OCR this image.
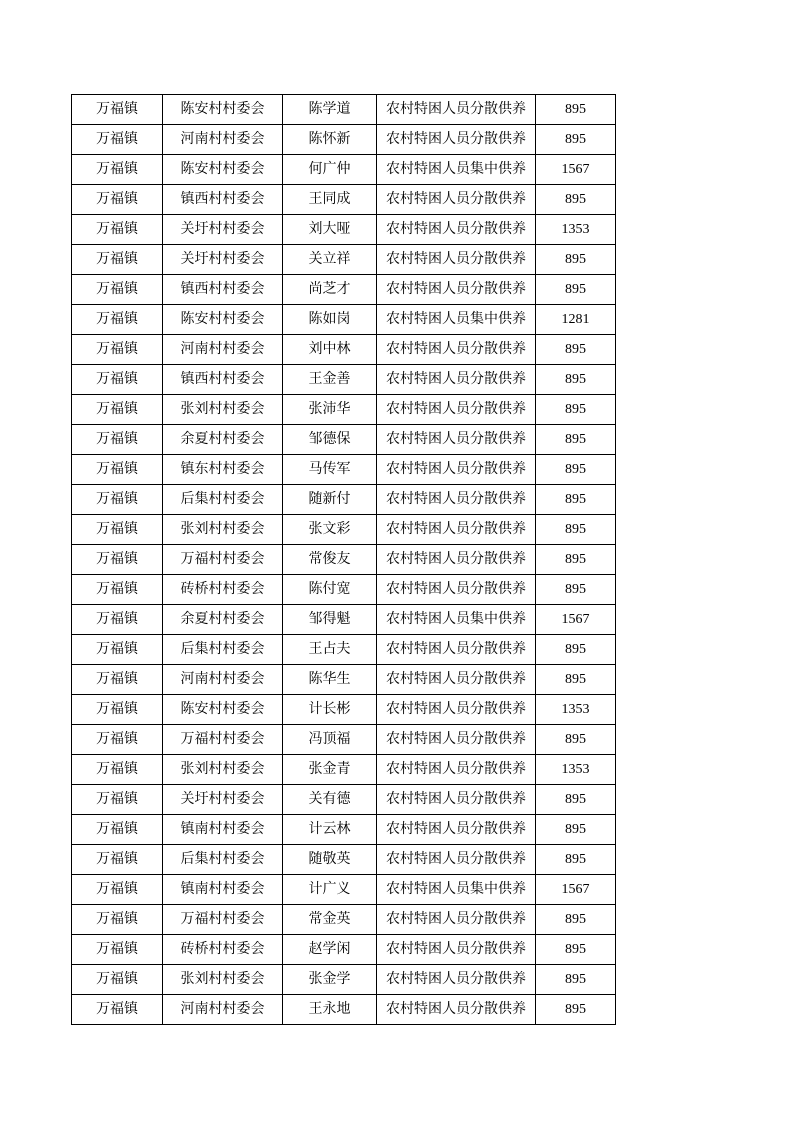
万福镇	陈安村村委会	陈学道	农村特困人员分散供养	895
万福镇	河南村村委会	陈怀新	农村特困人员分散供养	895
万福镇	陈安村村委会	何广仲	农村特困人员集中供养	1567
万福镇	镇西村村委会	王同成	农村特困人员分散供养	895
万福镇	关圩村村委会	刘大哑	农村特困人员分散供养	1353
万福镇	关圩村村委会	关立祥	农村特困人员分散供养	895
万福镇	镇西村村委会	尚芝才	农村特困人员分散供养	895
万福镇	陈安村村委会	陈如岗	农村特困人员集中供养	1281
万福镇	河南村村委会	刘中林	农村特困人员分散供养	895
万福镇	镇西村村委会	王金善	农村特困人员分散供养	895
万福镇	张刘村村委会	张沛华	农村特困人员分散供养	895
万福镇	余夏村村委会	邹德保	农村特困人员分散供养	895
万福镇	镇东村村委会	马传军	农村特困人员分散供养	895
万福镇	后集村村委会	随新付	农村特困人员分散供养	895
万福镇	张刘村村委会	张文彩	农村特困人员分散供养	895
万福镇	万福村村委会	常俊友	农村特困人员分散供养	895
万福镇	砖桥村村委会	陈付宽	农村特困人员分散供养	895
万福镇	余夏村村委会	邹得魁	农村特困人员集中供养	1567
万福镇	后集村村委会	王占夫	农村特困人员分散供养	895
万福镇	河南村村委会	陈华生	农村特困人员分散供养	895
万福镇	陈安村村委会	计长彬	农村特困人员分散供养	1353
万福镇	万福村村委会	冯顶福	农村特困人员分散供养	895
万福镇	张刘村村委会	张金青	农村特困人员分散供养	1353
万福镇	关圩村村委会	关有德	农村特困人员分散供养	895
万福镇	镇南村村委会	计云林	农村特困人员分散供养	895
万福镇	后集村村委会	随敬英	农村特困人员分散供养	895
万福镇	镇南村村委会	计广义	农村特困人员集中供养	1567
万福镇	万福村村委会	常金英	农村特困人员分散供养	895
万福镇	砖桥村村委会	赵学闲	农村特困人员分散供养	895
万福镇	张刘村村委会	张金学	农村特困人员分散供养	895
万福镇	河南村村委会	王永地	农村特困人员分散供养	895
